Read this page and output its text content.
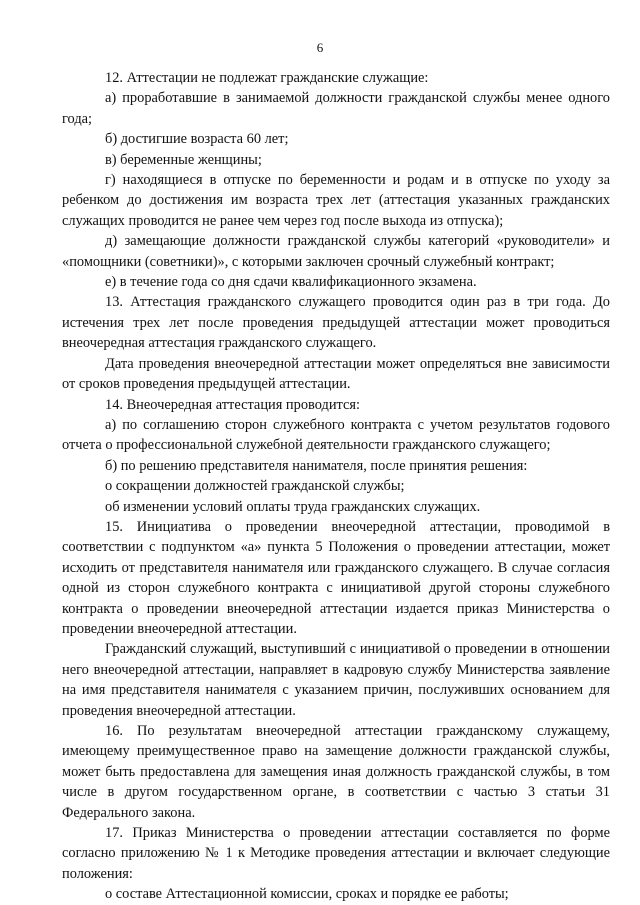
6

12. Аттестации не подлежат гражданские служащие:

а) проработавшие в занимаемой должности гражданской службы менее одного года;

б) достигшие возраста 60 лет;

в) беременные женщины;

г) находящиеся в отпуске по беременности и родам и в отпуске по уходу за ребенком до достижения им возраста трех лет (аттестация указанных гражданских служащих проводится не ранее чем через год после выхода из отпуска);

д) замещающие должности гражданской службы категорий «руководители» и «помощники (советники)», с которыми заключен срочный служебный контракт;

е) в течение года со дня сдачи квалификационного экзамена.

13. Аттестация гражданского служащего проводится один раз в три года. До истечения трех лет после проведения предыдущей аттестации может проводиться внеочередная аттестация гражданского служащего.

Дата проведения внеочередной аттестации может определяться вне зависимости от сроков проведения предыдущей аттестации.

14. Внеочередная аттестация проводится:

а) по соглашению сторон служебного контракта с учетом результатов годового отчета о профессиональной служебной деятельности гражданского служащего;

б) по решению представителя нанимателя, после принятия решения:

о сокращении должностей гражданской службы;

об изменении условий оплаты труда гражданских служащих.

15. Инициатива о проведении внеочередной аттестации, проводимой в соответствии с подпунктом «а» пункта 5 Положения о проведении аттестации, может исходить от представителя нанимателя или гражданского служащего. В случае согласия одной из сторон служебного контракта с инициативой другой стороны служебного контракта о проведении внеочередной аттестации издается приказ Министерства о проведении внеочередной аттестации.

Гражданский служащий, выступивший с инициативой о проведении в отношении него внеочередной аттестации, направляет в кадровую службу Министерства заявление на имя представителя нанимателя с указанием причин, послуживших основанием для проведения внеочередной аттестации.

16. По результатам внеочередной аттестации гражданскому служащему, имеющему преимущественное право на замещение должности гражданской службы, может быть предоставлена для замещения иная должность гражданской службы, в том числе в другом государственном органе, в соответствии с частью 3 статьи 31 Федерального закона.

17. Приказ Министерства о проведении аттестации составляется по форме согласно приложению № 1 к Методике проведения аттестации и включает следующие положения:

о составе Аттестационной комиссии, сроках и порядке ее работы;
